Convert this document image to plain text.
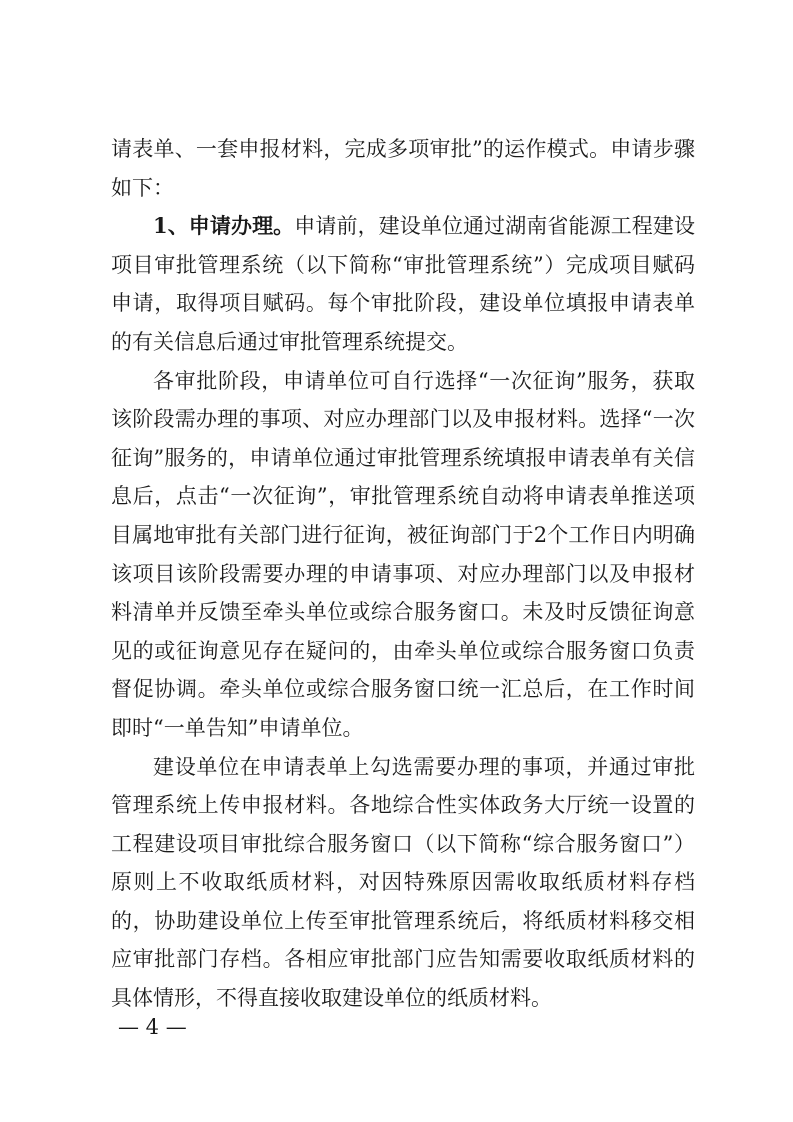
请表单、一套申报材料，完成多项审批”的运作模式。申请步骤如下：

1、申请办理。申请前，建设单位通过湖南省能源工程建设项目审批管理系统（以下简称“审批管理系统”）完成项目赋码申请，取得项目赋码。每个审批阶段，建设单位填报申请表单的有关信息后通过审批管理系统提交。

各审批阶段，申请单位可自行选择“一次征询”服务，获取该阶段需办理的事项、对应办理部门以及申报材料。选择“一次征询”服务的，申请单位通过审批管理系统填报申请表单有关信息后，点击“一次征询”，审批管理系统自动将申请表单推送项目属地审批有关部门进行征询，被征询部门于2个工作日内明确该项目该阶段需要办理的申请事项、对应办理部门以及申报材料清单并反馈至牵头单位或综合服务窗口。未及时反馈征询意见的或征询意见存在疑问的，由牵头单位或综合服务窗口负责督促协调。牵头单位或综合服务窗口统一汇总后，在工作时间即时“一单告知”申请单位。

建设单位在申请表单上勾选需要办理的事项，并通过审批管理系统上传申报材料。各地综合性实体政务大厅统一设置的工程建设项目审批综合服务窗口（以下简称“综合服务窗口”）原则上不收取纸质材料，对因特殊原因需收取纸质材料存档的，协助建设单位上传至审批管理系统后，将纸质材料移交相应审批部门存档。各相应审批部门应告知需要收取纸质材料的具体情形，不得直接收取建设单位的纸质材料。

— 4 —
